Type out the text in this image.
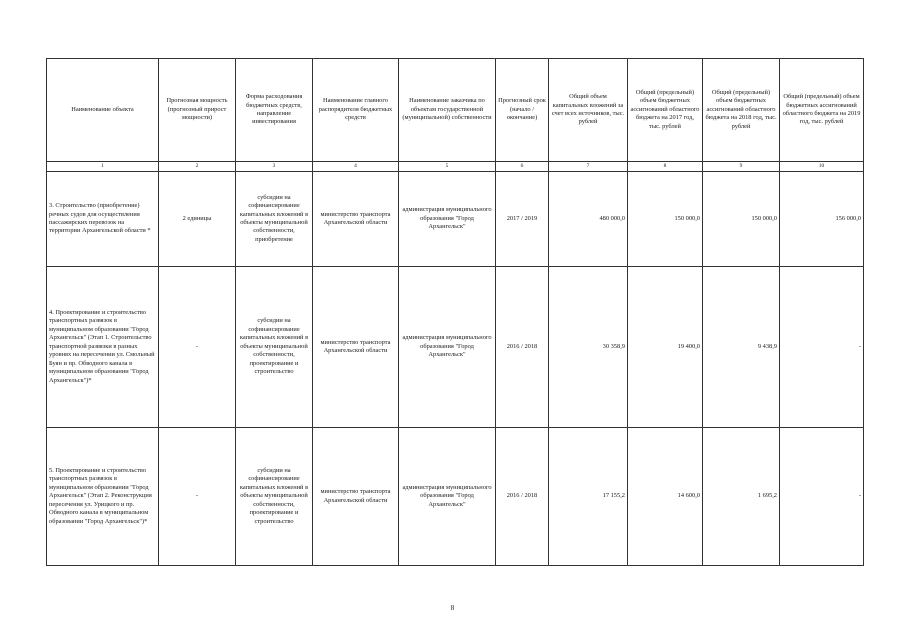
Наименование объекта	Прогнозная мощность (прогнозный прирост мощности)	Форма расходования бюджетных средств, направление инвестирования	Наименование главного распорядителя бюджетных средств	Наименование заказчика по объектам государственной (муниципальной) собственности	Прогнозный срок (начало / окончание)	Общий объем капитальных вложений за счет всех источников, тыс. рублей	Общий (предельный) объем бюджетных ассигнований областного бюджета на 2017 год, тыс. рублей	Общий (предельный) объем бюджетных ассигнований областного бюджета на 2018 год, тыс. рублей	Общий (предельный) объем бюджетных ассигнований областного бюджета на 2019 год, тыс. рублей
1	2	3	4	5	6	7	8	9	10
3. Строительство (приобретение) речных судов для осуществления пассажирских перевозок на территории Архангельской области *	2 единицы	субсидии на софинансирование капитальных вложений в объекты муниципальной собственности, приобретение	министерство транспорта Архангельской области	администрация муниципального образования "Город Архангельск"	2017 / 2019	480 000,0	150 000,0	150 000,0	156 000,0
4. Проектирование и строительство транспортных развязок в муниципальном образовании "Город Архангельск" (Этап 1. Строительство транспортной развязки в разных уровнях на пересечении ул. Смольный Буян и пр. Обводного канала в муниципальном образовании "Город Архангельск")*	-	субсидии на софинансирование капитальных вложений в объекты муниципальной собственности, проектирование и строительство	министерство транспорта Архангельской области	администрация муниципального образования "Город Архангельск"	2016 / 2018	30 358,9	19 400,0	9 438,9	-
5. Проектирование и строительство транспортных развязок в муниципальном образовании "Город Архангельск" (Этап 2. Реконструкция пересечения ул. Урицкого и пр. Обводного канала в муниципальном образовании "Город Архангельск")*	-	субсидии на софинансирование капитальных вложений в объекты муниципальной собственности, проектирование и строительство	министерство транспорта Архангельской области	администрация муниципального образования "Город Архангельск"	2016 / 2018	17 155,2	14 600,0	1 695,2	-
8
